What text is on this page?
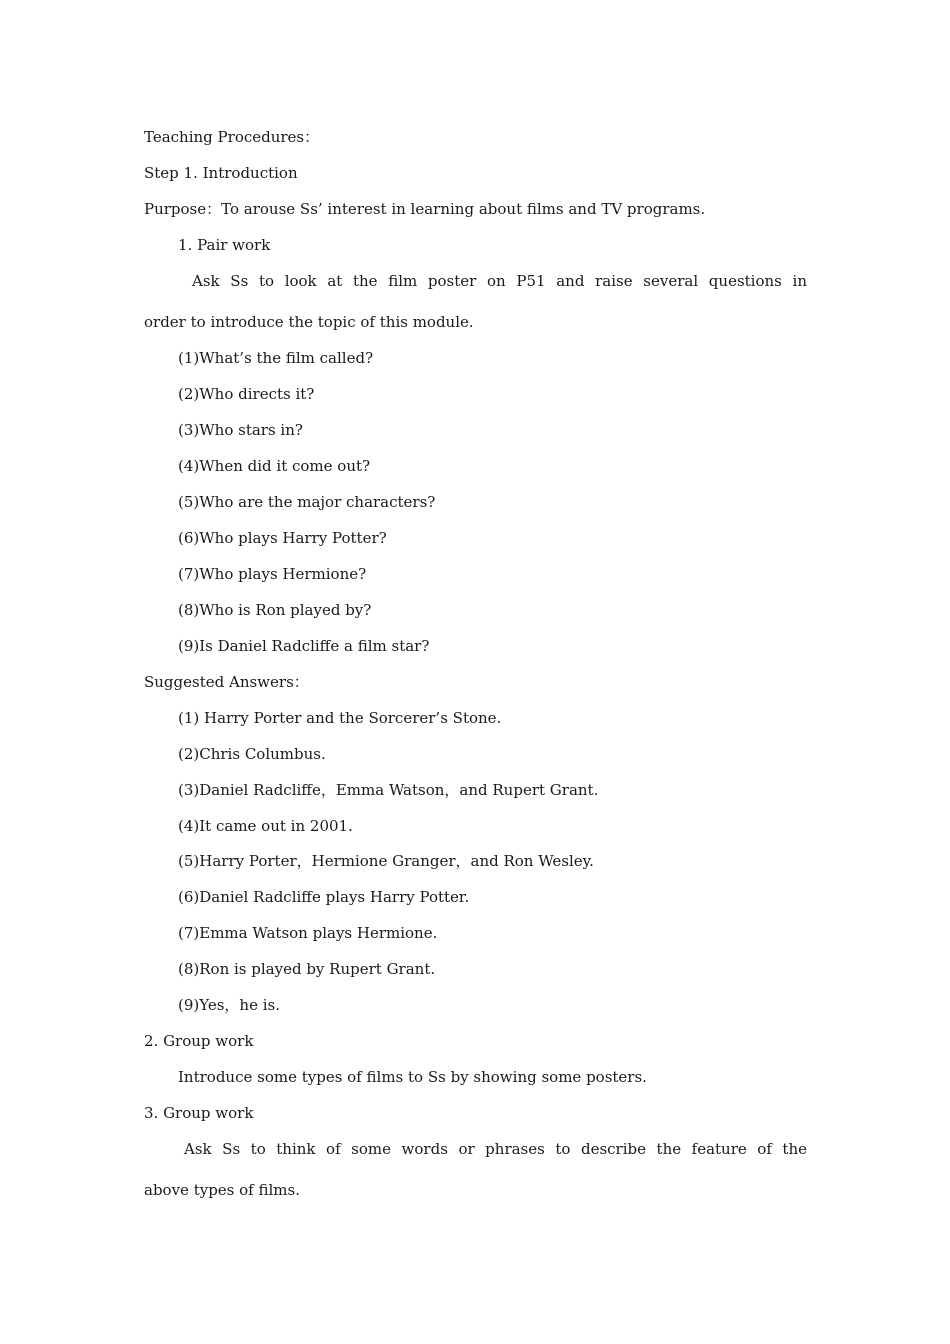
Teaching Procedures：
Step 1. Introduction
Purpose：To arouse Ss’ interest in learning about films and TV programs.
1. Pair work
Ask Ss to look at the film poster on P51 and raise several questions in
order to introduce the topic of this module.
(1)What’s the film called?
(2)Who directs it?
(3)Who stars in?
(4)When did it come out?
(5)Who are the major characters?
(6)Who plays Harry Potter?
(7)Who plays Hermione?
(8)Who is Ron played by?
(9)Is Daniel Radcliffe a film star?
Suggested Answers：
(1) Harry Porter and the Sorcerer’s Stone.
(2)Chris Columbus.
(3)Daniel Radcliffe，Emma Watson，and Rupert Grant.
(4)It came out in 2001.
(5)Harry Porter，Hermione Granger，and Ron Wesley.
(6)Daniel Radcliffe plays Harry Potter.
(7)Emma Watson plays Hermione.
(8)Ron is played by Rupert Grant.
(9)Yes，he is.
2. Group work
Introduce some types of films to Ss by showing some posters.
3. Group work
Ask Ss to think of some words or phrases to describe the feature of the
above types of films.
